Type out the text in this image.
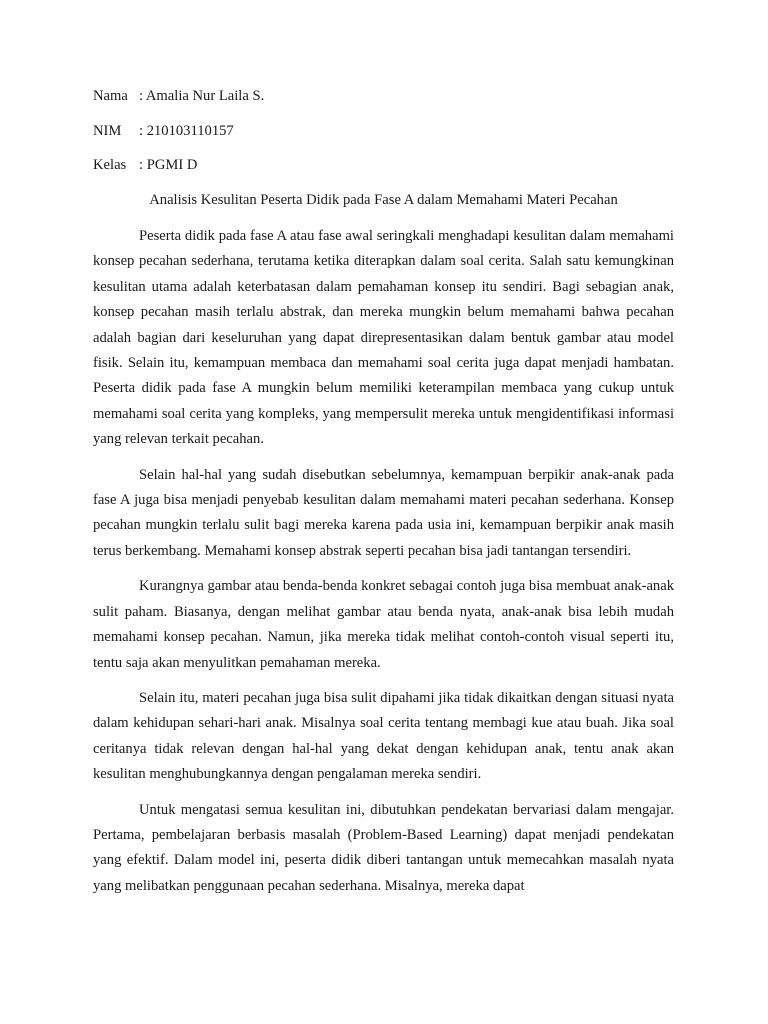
Nama : Amalia Nur Laila S.
NIM	: 210103110157
Kelas : PGMI D
Analisis Kesulitan Peserta Didik pada Fase A dalam Memahami Materi Pecahan

Peserta didik pada fase A atau fase awal seringkali menghadapi kesulitan dalam memahami konsep pecahan sederhana, terutama ketika diterapkan dalam soal cerita. Salah satu kemungkinan kesulitan utama adalah keterbatasan dalam pemahaman konsep itu sendiri. Bagi sebagian anak, konsep pecahan masih terlalu abstrak, dan mereka mungkin belum memahami bahwa pecahan adalah bagian dari keseluruhan yang dapat direpresentasikan dalam bentuk gambar atau model fisik. Selain itu, kemampuan membaca dan memahami soal cerita juga dapat menjadi hambatan. Peserta didik pada fase A mungkin belum memiliki keterampilan membaca yang cukup untuk memahami soal cerita yang kompleks, yang mempersulit mereka untuk mengidentifikasi informasi yang relevan terkait pecahan.

Selain hal-hal yang sudah disebutkan sebelumnya, kemampuan berpikir anak-anak pada fase A juga bisa menjadi penyebab kesulitan dalam memahami materi pecahan sederhana. Konsep pecahan mungkin terlalu sulit bagi mereka karena pada usia ini, kemampuan berpikir anak masih terus berkembang. Memahami konsep abstrak seperti pecahan bisa jadi tantangan tersendiri.

Kurangnya gambar atau benda-benda konkret sebagai contoh juga bisa membuat anak-anak sulit paham. Biasanya, dengan melihat gambar atau benda nyata, anak-anak bisa lebih mudah memahami konsep pecahan. Namun, jika mereka tidak melihat contoh-contoh visual seperti itu, tentu saja akan menyulitkan pemahaman mereka.

Selain itu, materi pecahan juga bisa sulit dipahami jika tidak dikaitkan dengan situasi nyata dalam kehidupan sehari-hari anak. Misalnya soal cerita tentang membagi kue atau buah. Jika soal ceritanya tidak relevan dengan hal-hal yang dekat dengan kehidupan anak, tentu anak akan kesulitan menghubungkannya dengan pengalaman mereka sendiri.

Untuk mengatasi semua kesulitan ini, dibutuhkan pendekatan bervariasi dalam mengajar. Pertama, pembelajaran berbasis masalah (Problem-Based Learning) dapat menjadi pendekatan yang efektif. Dalam model ini, peserta didik diberi tantangan untuk memecahkan masalah nyata yang melibatkan penggunaan pecahan sederhana. Misalnya, mereka dapat
